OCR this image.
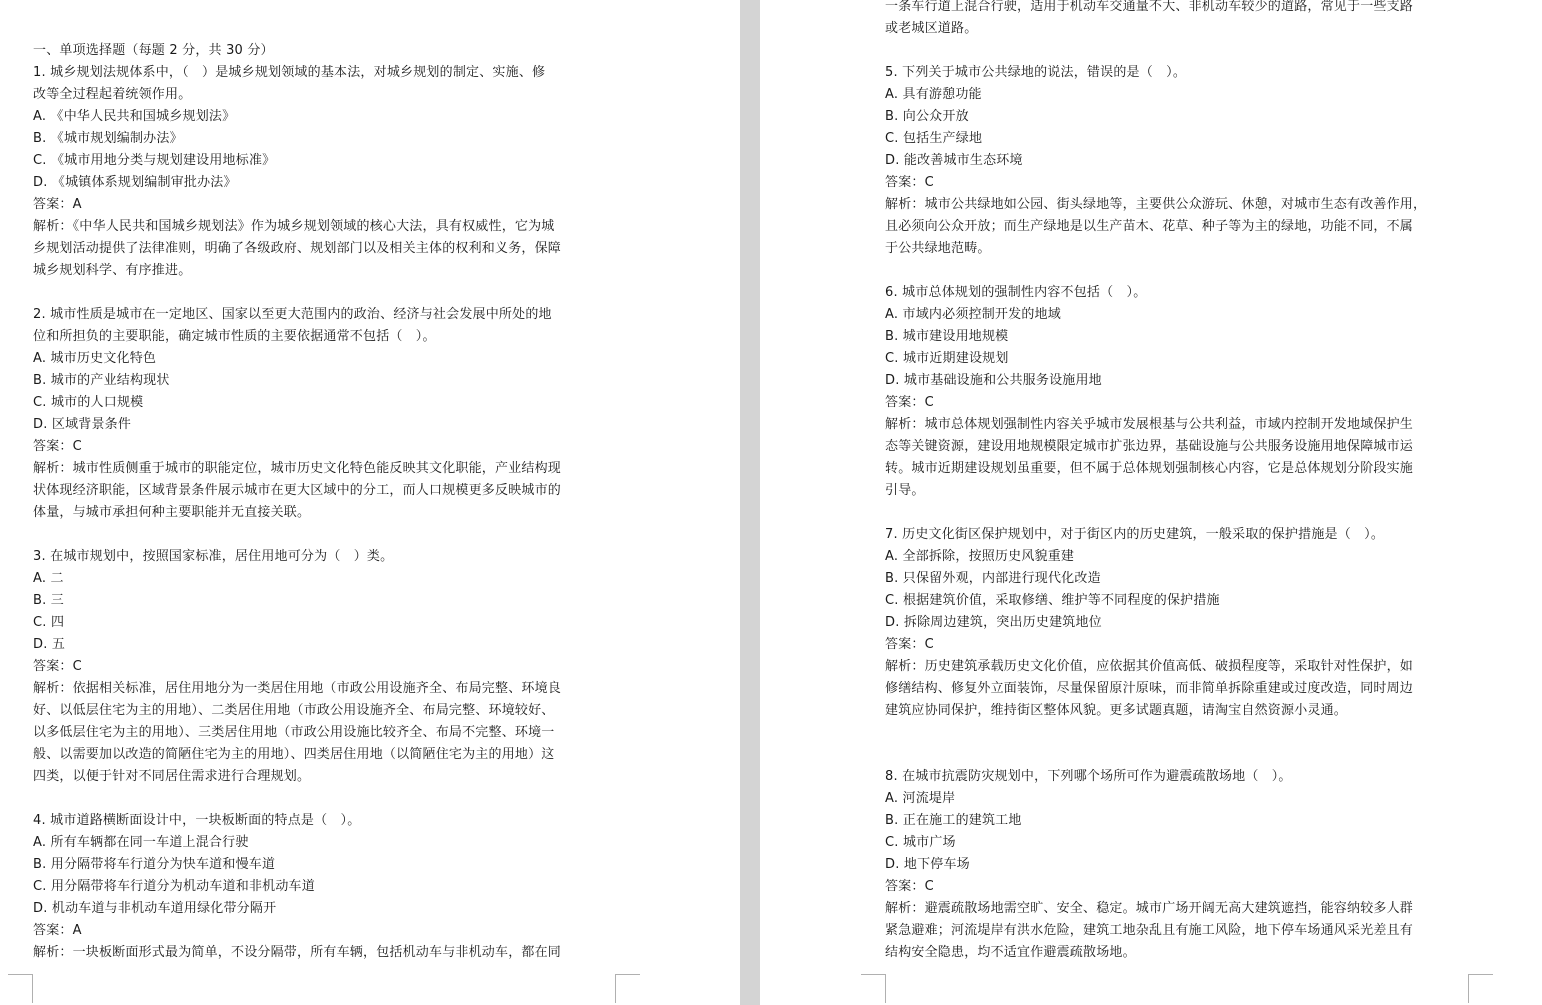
一、单项选择题（每题 2 分，共 30 分）
1. 城乡规划法规体系中，（　）是城乡规划领域的基本法，对城乡规划的制定、实施、修
改等全过程起着统领作用。
A. 《中华人民共和国城乡规划法》
B. 《城市规划编制办法》
C. 《城市用地分类与规划建设用地标准》
D. 《城镇体系规划编制审批办法》
答案：A
解析：《中华人民共和国城乡规划法》作为城乡规划领域的核心大法，具有权威性，它为城
乡规划活动提供了法律准则，明确了各级政府、规划部门以及相关主体的权利和义务，保障
城乡规划科学、有序推进。
2. 城市性质是城市在一定地区、国家以至更大范围内的政治、经济与社会发展中所处的地
位和所担负的主要职能，确定城市性质的主要依据通常不包括（　）。
A. 城市历史文化特色
B. 城市的产业结构现状
C. 城市的人口规模
D. 区域背景条件
答案：C
解析：城市性质侧重于城市的职能定位，城市历史文化特色能反映其文化职能，产业结构现
状体现经济职能，区域背景条件展示城市在更大区域中的分工，而人口规模更多反映城市的
体量，与城市承担何种主要职能并无直接关联。
3. 在城市规划中，按照国家标准，居住用地可分为（　）类。
A. 二
B. 三
C. 四
D. 五
答案：C
解析：依据相关标准，居住用地分为一类居住用地（市政公用设施齐全、布局完整、环境良
好、以低层住宅为主的用地）、二类居住用地（市政公用设施齐全、布局完整、环境较好、
以多低层住宅为主的用地）、三类居住用地（市政公用设施比较齐全、布局不完整、环境一
般、以需要加以改造的简陋住宅为主的用地）、四类居住用地（以简陋住宅为主的用地）这
四类，以便于针对不同居住需求进行合理规划。
4. 城市道路横断面设计中，一块板断面的特点是（　）。
A. 所有车辆都在同一车道上混合行驶
B. 用分隔带将车行道分为快车道和慢车道
C. 用分隔带将车行道分为机动车道和非机动车道
D. 机动车道与非机动车道用绿化带分隔开
答案：A
解析：一块板断面形式最为简单，不设分隔带，所有车辆，包括机动车与非机动车，都在同
一条车行道上混合行驶，适用于机动车交通量不大、非机动车较少的道路，常见于一些支路
或老城区道路。
5. 下列关于城市公共绿地的说法，错误的是（　）。
A. 具有游憩功能
B. 向公众开放
C. 包括生产绿地
D. 能改善城市生态环境
答案：C
解析：城市公共绿地如公园、街头绿地等，主要供公众游玩、休憩，对城市生态有改善作用，
且必须向公众开放；而生产绿地是以生产苗木、花草、种子等为主的绿地，功能不同，不属
于公共绿地范畴。
6. 城市总体规划的强制性内容不包括（　）。
A. 市域内必须控制开发的地域
B. 城市建设用地规模
C. 城市近期建设规划
D. 城市基础设施和公共服务设施用地
答案：C
解析：城市总体规划强制性内容关乎城市发展根基与公共利益，市域内控制开发地域保护生
态等关键资源，建设用地规模限定城市扩张边界，基础设施与公共服务设施用地保障城市运
转。城市近期建设规划虽重要，但不属于总体规划强制核心内容，它是总体规划分阶段实施
引导。
7. 历史文化街区保护规划中，对于街区内的历史建筑，一般采取的保护措施是（　）。
A. 全部拆除，按照历史风貌重建
B. 只保留外观，内部进行现代化改造
C. 根据建筑价值，采取修缮、维护等不同程度的保护措施
D. 拆除周边建筑，突出历史建筑地位
答案：C
解析：历史建筑承载历史文化价值，应依据其价值高低、破损程度等，采取针对性保护，如
修缮结构、修复外立面装饰，尽量保留原汁原味，而非简单拆除重建或过度改造，同时周边
建筑应协同保护，维持街区整体风貌。更多试题真题，请淘宝自然资源小灵通。
8. 在城市抗震防灾规划中，下列哪个场所可作为避震疏散场地（　）。
A. 河流堤岸
B. 正在施工的建筑工地
C. 城市广场
D. 地下停车场
答案：C
解析：避震疏散场地需空旷、安全、稳定。城市广场开阔无高大建筑遮挡，能容纳较多人群
紧急避难；河流堤岸有洪水危险，建筑工地杂乱且有施工风险，地下停车场通风采光差且有
结构安全隐患，均不适宜作避震疏散场地。
